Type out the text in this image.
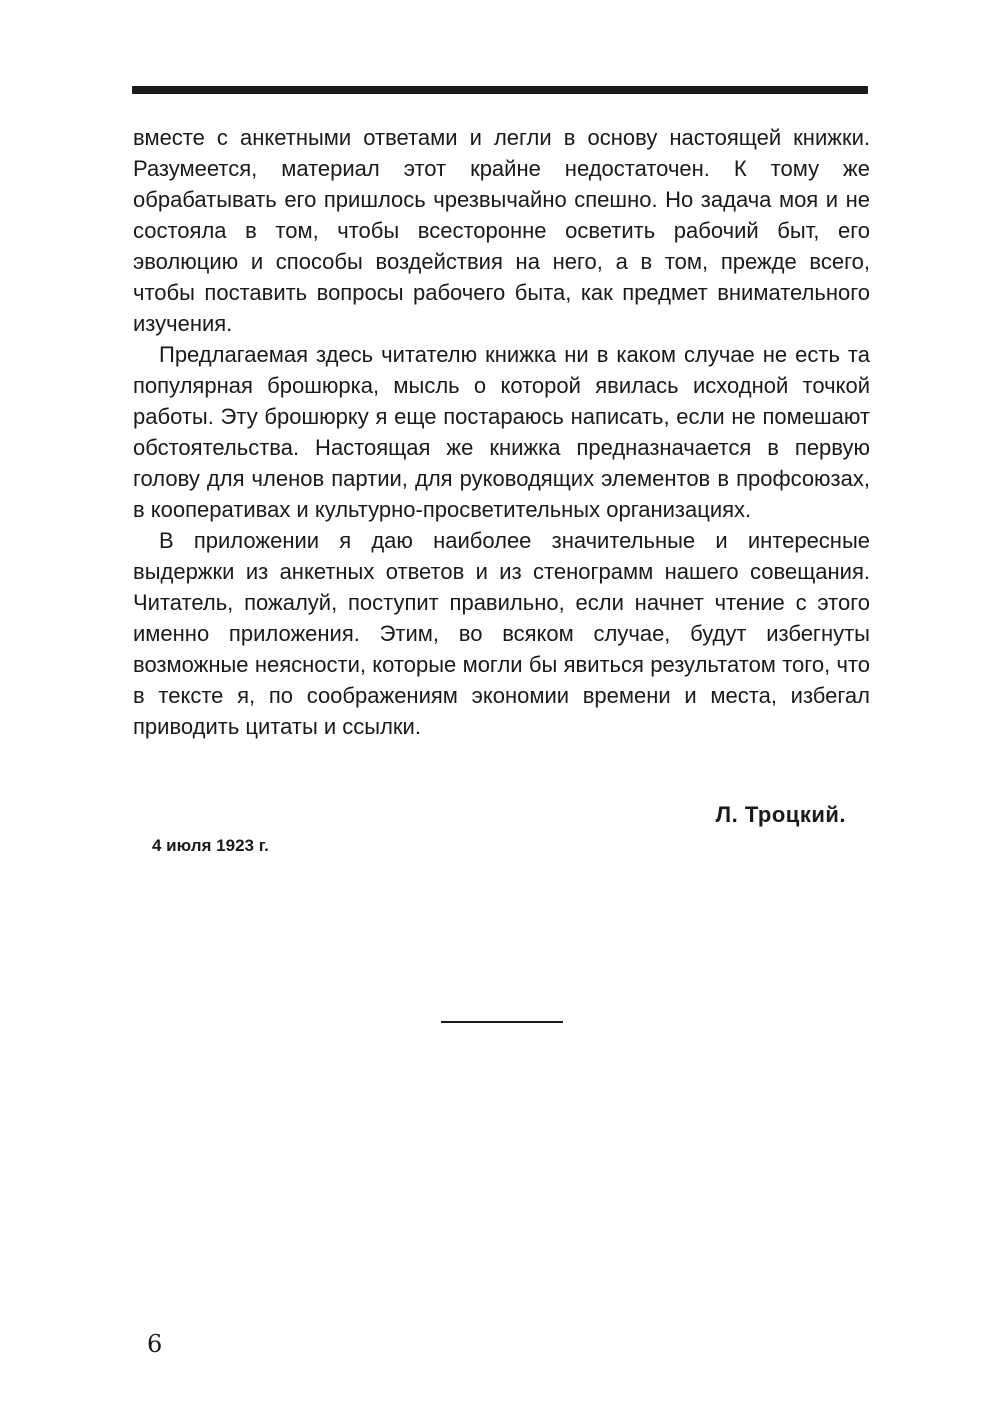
вместе с анкетными ответами и легли в основу настоящей книжки. Разумеется, материал этот крайне недостаточен. К тому же обрабатывать его пришлось чрезвычайно спешно. Но задача моя и не состояла в том, чтобы всесторонне осветить рабочий быт, его эволюцию и способы воздействия на него, а в том, прежде всего, чтобы поставить вопросы рабочего быта, как предмет внимательного изучения.

Предлагаемая здесь читателю книжка ни в каком случае не есть та популярная брошюрка, мысль о которой явилась исходной точкой работы. Эту брошюрку я еще постараюсь написать, если не помешают обстоятельства. Настоящая же книжка предназначается в первую голову для членов партии, для руководящих элементов в профсоюзах, в кооперативах и культурно-просветительных организациях.

В приложении я даю наиболее значительные и интересные выдержки из анкетных ответов и из стенограмм нашего совещания. Читатель, пожалуй, поступит правильно, если начнет чтение с этого именно приложения. Этим, во всяком случае, будут избегнуты возможные неясности, которые могли бы явиться результатом того, что в тексте я, по соображениям экономии времени и места, избегал приводить цитаты и ссылки.

Л. Троцкий.
4 июля 1923 г.
6
